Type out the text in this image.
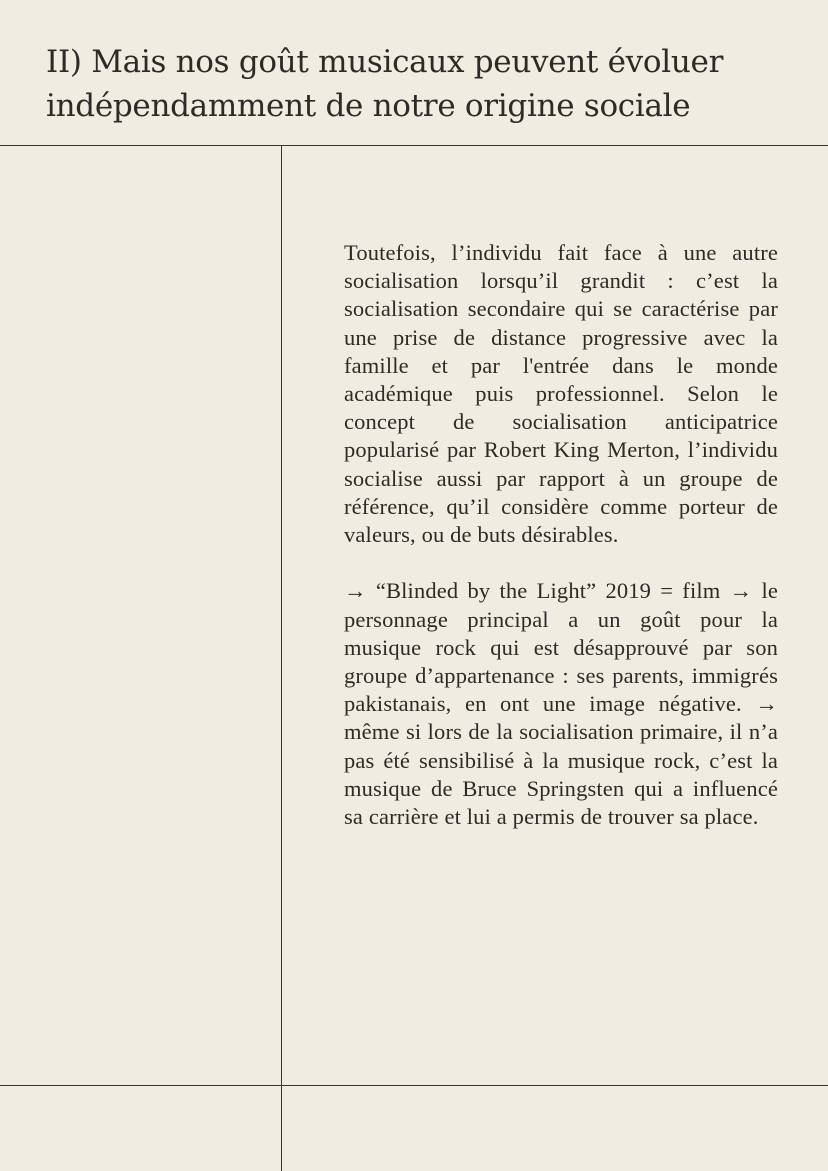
II) Mais nos goût musicaux peuvent évoluer
indépendamment de notre origine sociale

Toutefois, l’individu fait face à une autre socialisation lorsqu’il grandit : c’est la socialisation secondaire qui se caractérise par une prise de distance progressive avec la famille et par l'entrée dans le monde académique puis professionnel. Selon le concept de socialisation anticipatrice popularisé par Robert King Merton, l’individu socialise aussi par rapport à un groupe de référence, qu’il considère comme porteur de valeurs, ou de buts désirables.

→ “Blinded by the Light” 2019 = film → le personnage principal a un goût pour la musique rock qui est désapprouvé par son groupe d’appartenance : ses parents, immigrés pakistanais, en ont une image négative. → même si lors de la socialisation primaire, il n’a pas été sensibilisé à la musique rock, c’est la musique de Bruce Springsten qui a influencé sa carrière et lui a permis de trouver sa place.
